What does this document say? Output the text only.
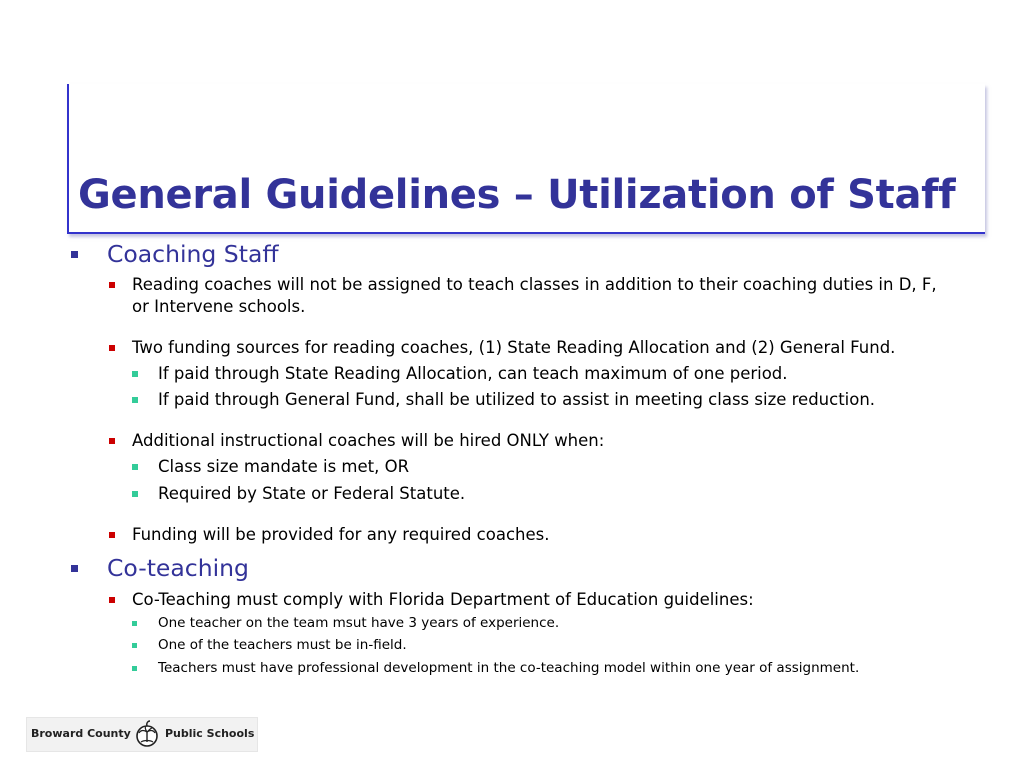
General Guidelines – Utilization of Staff
Coaching Staff
Reading coaches will not be assigned to teach classes in addition to their coaching duties in D, F, or Intervene schools.
Two funding sources for reading coaches, (1) State Reading Allocation and (2) General Fund.
If paid through State Reading Allocation, can teach maximum of one period.
If paid through General Fund, shall be utilized to assist in meeting class size reduction.
Additional instructional coaches will be hired ONLY when:
Class size mandate is met, OR
Required by State or Federal Statute.
Funding will be provided for any required coaches.
Co-teaching
Co-Teaching must comply with Florida Department of Education guidelines:
One teacher on the team msut have 3 years of experience.
One of the teachers must be in-field.
Teachers must have professional development in the co-teaching model within one year of assignment.
Broward County	Public Schools
